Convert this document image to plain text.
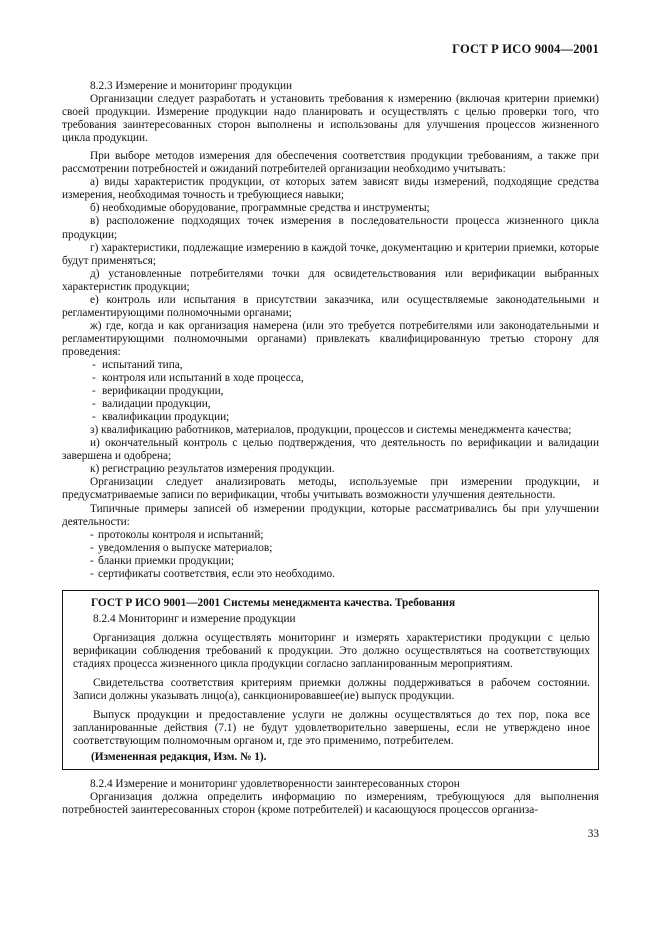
ГОСТ Р ИСО 9004—2001

8.2.3 Измерение и мониторинг продукции

Организации следует разработать и установить требования к измерению (включая критерии приемки) своей продукции. Измерение продукции надо планировать и осуществлять с целью проверки того, что требования заинтересованных сторон выполнены и использованы для улучшения процессов жизненного цикла продукции.

При выборе методов измерения для обеспечения соответствия продукции требованиям, а также при рассмотрении потребностей и ожиданий потребителей организации необходимо учитывать:

а) виды характеристик продукции, от которых затем зависят виды измерений, подходящие средства измерения, необходимая точность и требующиеся навыки;

б) необходимые оборудование, программные средства и инструменты;

в) расположение подходящих точек измерения в последовательности процесса жизненного цикла продукции;

г) характеристики, подлежащие измерению в каждой точке, документацию и критерии приемки, которые будут применяться;

д) установленные потребителями точки для освидетельствования или верификации выбранных характеристик продукции;

е) контроль или испытания в присутствии заказчика, или осуществляемые законодательными и регламентирующими полномочными органами;

ж) где, когда и как организация намерена (или это требуется потребителями или законодательными и регламентирующими полномочными органами) привлекать квалифицированную третью сторону для проведения:

- испытаний типа,
- контроля или испытаний в ходе процесса,
- верификации продукции,
- валидации продукции,
- квалификации продукции;

з) квалификацию работников, материалов, продукции, процессов и системы менеджмента качества;

и) окончательный контроль с целью подтверждения, что деятельность по верификации и валидации завершена и одобрена;

к) регистрацию результатов измерения продукции.

Организации следует анализировать методы, используемые при измерении продукции, и предусматриваемые записи по верификации, чтобы учитывать возможности улучшения деятельности.

Типичные примеры записей об измерении продукции, которые рассматривались бы при улучшении деятельности:

- протоколы контроля и испытаний;
- уведомления о выпуске материалов;
- бланки приемки продукции;
- сертификаты соответствия, если это необходимо.

ГОСТ Р ИСО 9001—2001 Системы менеджмента качества. Требования

8.2.4 Мониторинг и измерение продукции

Организация должна осуществлять мониторинг и измерять характеристики продукции с целью верификации соблюдения требований к продукции. Это должно осуществляться на соответствующих стадиях процесса жизненного цикла продукции согласно запланированным мероприятиям.

Свидетельства соответствия критериям приемки должны поддерживаться в рабочем состоянии. Записи должны указывать лицо(а), санкционировавшее(ие) выпуск продукции.

Выпуск продукции и предоставление услуги не должны осуществляться до тех пор, пока все запланированные действия (7.1) не будут удовлетворительно завершены, если не утверждено иное соответствующим полномочным органом и, где это применимо, потребителем.

(Измененная редакция, Изм. № 1).

8.2.4 Измерение и мониторинг удовлетворенности заинтересованных сторон

Организация должна определить информацию по измерениям, требующуюся для выполнения потребностей заинтересованных сторон (кроме потребителей) и касающуюся процессов организа-

33
